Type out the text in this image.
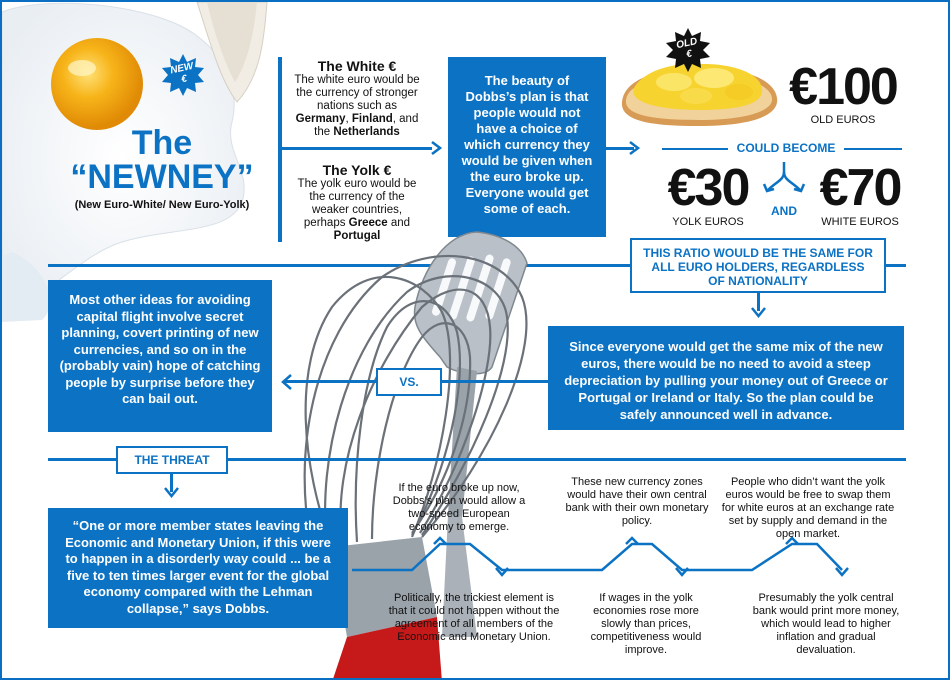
NEW
€
The
“NEWNEY”
(New Euro-White/ New Euro-Yolk)
The White €
The white euro would be the currency of stronger nations such as Germany, Finland, and the Netherlands
The Yolk €
The yolk euro would be the currency of the weaker countries, perhaps Greece and Portugal
The beauty of Dobbs’s plan is that people would not have a choice of which currency they would be given when the euro broke up. Everyone would get some of each.
OLD
€
€100
OLD EUROS
COULD BECOME
€30
YOLK EUROS
AND €70
WHITE EUROS
THIS RATIO WOULD BE THE SAME FOR ALL EURO HOLDERS, REGARDLESS OF NATIONALITY
Most other ideas for avoiding capital flight involve secret planning, covert printing of new currencies, and so on in the (probably vain) hope of catching people by surprise before they can bail out.
VS.
Since everyone would get the same mix of the new euros, there would be no need to avoid a steep depreciation by pulling your money out of Greece or Portugal or Ireland or Italy. So the plan could be safely announced well in advance.
THE THREAT
“One or more member states leaving the Economic and Monetary Union, if this were to happen in a disorderly way could ... be a five to ten times larger event for the global economy compared with the Lehman collapse,” says Dobbs.
If the euro broke up now, Dobbs’s plan would allow a two-speed European economy to emerge.
These new currency zones would have their own central bank with their own monetary policy.
People who didn’t want the yolk euros would be free to swap them for white euros at an exchange rate set by supply and demand in the open market.
Politically, the trickiest element is that it could not happen without the agreement of all members of the Economic and Monetary Union.
If wages in the yolk economies rose more slowly than prices, competitiveness would improve.
Presumably the yolk central bank would print more money, which would lead to higher inflation and gradual devaluation.
